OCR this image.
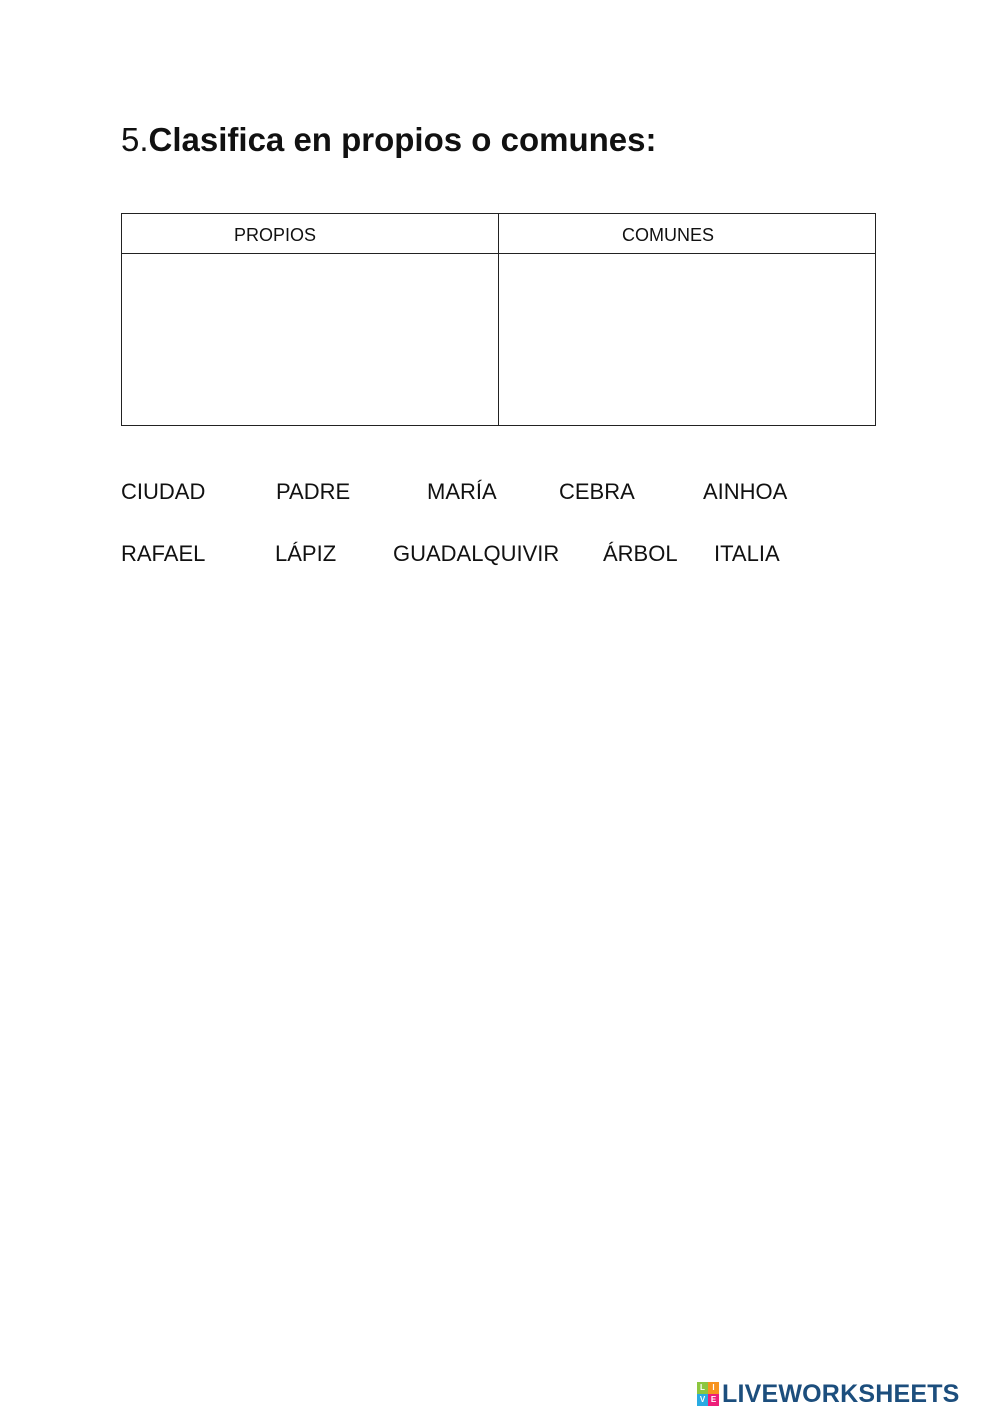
5.Clasifica en propios o comunes:
PROPIOS	COMUNES
CIUDAD	PADRE	MARÍA	CEBRA	AINHOA
RAFAEL	LÁPIZ	GUADALQUIVIR ÁRBOL ITALIA
L I
V E LIVEWORKSHEETS
